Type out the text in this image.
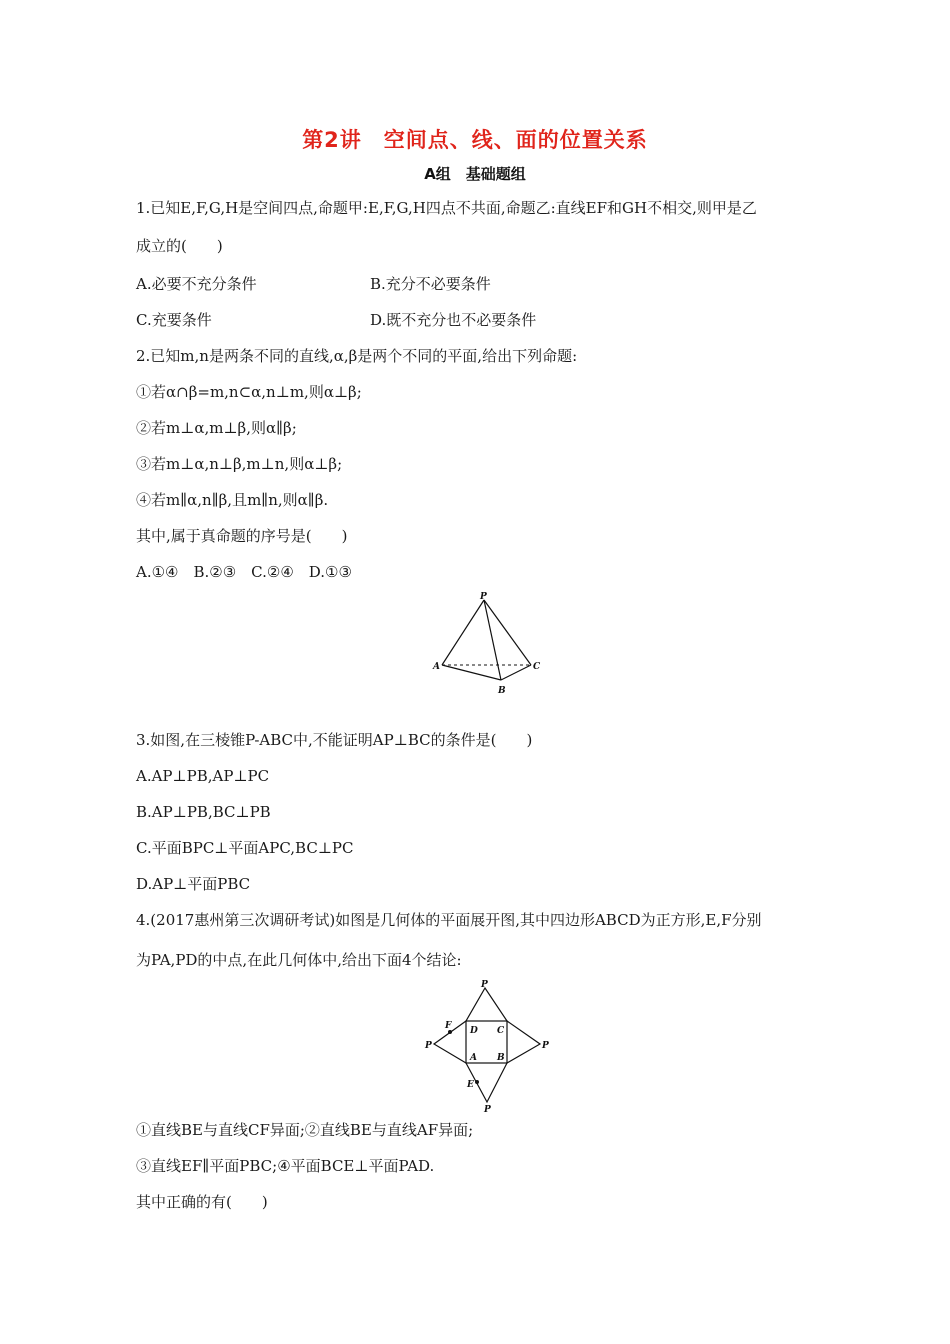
第2讲　空间点、线、面的位置关系
A组　基础题组
1.已知E,F,G,H是空间四点,命题甲:E,F,G,H四点不共面,命题乙:直线EF和GH不相交,则甲是乙
成立的(　　)
A.必要不充分条件	B.充分不必要条件
C.充要条件	D.既不充分也不必要条件
2.已知m,n是两条不同的直线,α,β是两个不同的平面,给出下列命题:
①若α∩β=m,n⊂α,n⊥m,则α⊥β;
②若m⊥α,m⊥β,则α∥β;
③若m⊥α,n⊥β,m⊥n,则α⊥β;
④若m∥α,n∥β,且m∥n,则α∥β.
其中,属于真命题的序号是(　　)
A.①④　B.②③　C.②④　D.①③
P
A	C
B
3.如图,在三棱锥P-ABC中,不能证明AP⊥BC的条件是(　　)
A.AP⊥PB,AP⊥PC
B.AP⊥PB,BC⊥PB
C.平面BPC⊥平面APC,BC⊥PC
D.AP⊥平面PBC
4.(2017惠州第三次调研考试)如图是几何体的平面展开图,其中四边形ABCD为正方形,E,F分别
为PA,PD的中点,在此几何体中,给出下面4个结论:
P
P	P
P
D C
A B
F
E
①直线BE与直线CF异面;②直线BE与直线AF异面;
③直线EF∥平面PBC;④平面BCE⊥平面PAD.
其中正确的有(　　)
